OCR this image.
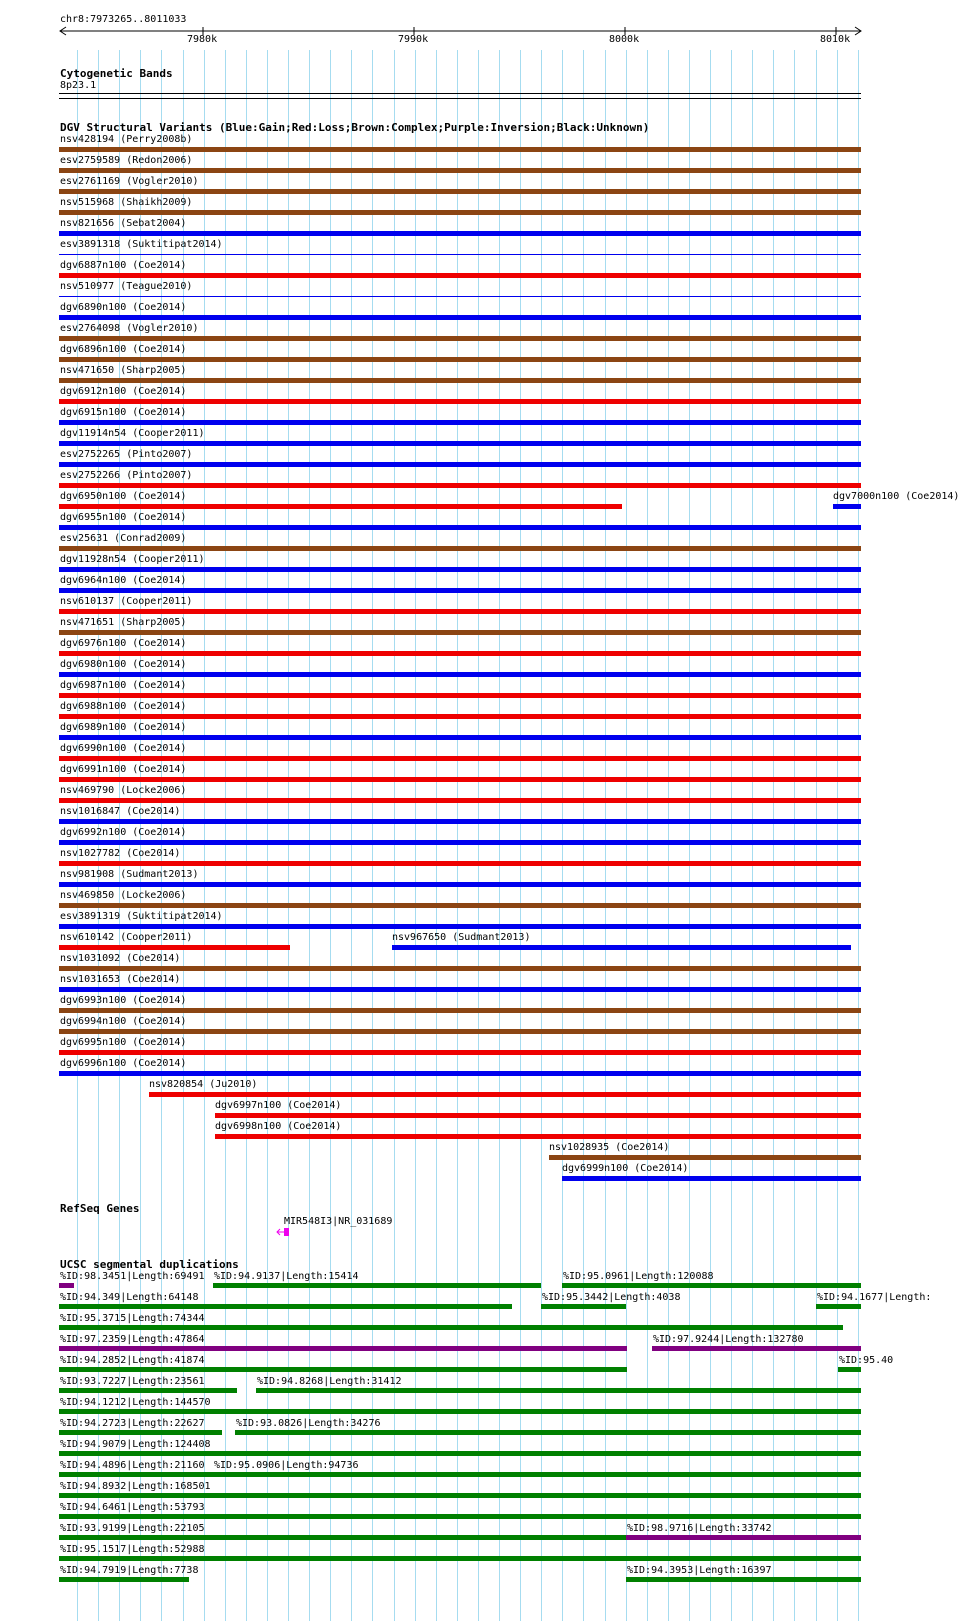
chr8:7973265..8011033
7980k	7990k	8000k	8010k
Cytogenetic Bands
8p23.1
DGV Structural Variants (Blue:Gain;Red:Loss;Brown:Complex;Purple:Inversion;Black:Unknown)
nsv428194 (Perry2008b)
esv2759589 (Redon2006)
esv2761169 (Vogler2010)
nsv515968 (Shaikh2009)
nsv821656 (Sebat2004)
esv3891318 (Suktitipat2014)
dgv6887n100 (Coe2014)
nsv510977 (Teague2010)
dgv6890n100 (Coe2014)
esv2764098 (Vogler2010)
dgv6896n100 (Coe2014)
nsv471650 (Sharp2005)
dgv6912n100 (Coe2014)
dgv6915n100 (Coe2014)
dgv11914n54 (Cooper2011)
esv2752265 (Pinto2007)
esv2752266 (Pinto2007)
dgv6950n100 (Coe2014)
dgv6955n100 (Coe2014)
esv25631 (Conrad2009)
dgv11928n54 (Cooper2011)
dgv6964n100 (Coe2014)
nsv610137 (Cooper2011)
nsv471651 (Sharp2005)
dgv6976n100 (Coe2014)
dgv6980n100 (Coe2014)
dgv6987n100 (Coe2014)
dgv6988n100 (Coe2014)
dgv6989n100 (Coe2014)
dgv6990n100 (Coe2014)
dgv6991n100 (Coe2014)
nsv469790 (Locke2006)
nsv1016847 (Coe2014)
dgv6992n100 (Coe2014)
nsv1027782 (Coe2014)
nsv981908 (Sudmant2013)
nsv469850 (Locke2006)
esv3891319 (Suktitipat2014)
nsv610142 (Cooper2011)
nsv1031092 (Coe2014)
nsv1031653 (Coe2014)
dgv6993n100 (Coe2014)
dgv6994n100 (Coe2014)
dgv6995n100 (Coe2014)
dgv6996n100 (Coe2014)
nsv820854 (Ju2010)
dgv6997n100 (Coe2014)
dgv6998n100 (Coe2014)
nsv1028935 (Coe2014)
dgv6999n100 (Coe2014)
dgv7000n100 (Coe2014)
nsv967650 (Sudmant2013)
RefSeq Genes
MIR548I3|NR_031689
UCSC segmental duplications
%ID:98.3451|Length:69491 %ID:94.9137|Length:15414	%ID:95.0961|Length:120088
%ID:94.349|Length:64148	%ID:95.3442|Length:4038	%ID:94.1677|Length:
%ID:95.3715|Length:74344
%ID:97.2359|Length:47864	%ID:97.9244|Length:132780
%ID:94.2852|Length:41874	%ID:95.40
%ID:93.7227|Length:23561	%ID:94.8268|Length:31412
%ID:94.1212|Length:144570
%ID:94.2723|Length:22627	%ID:93.0826|Length:34276
%ID:94.9079|Length:124408
%ID:94.4896|Length:21160 %ID:95.0906|Length:94736
%ID:94.8932|Length:168501
%ID:94.6461|Length:53793
%ID:93.9199|Length:22105	%ID:98.9716|Length:33742
%ID:95.1517|Length:52988
%ID:94.7919|Length:7738	%ID:94.3953|Length:16397
